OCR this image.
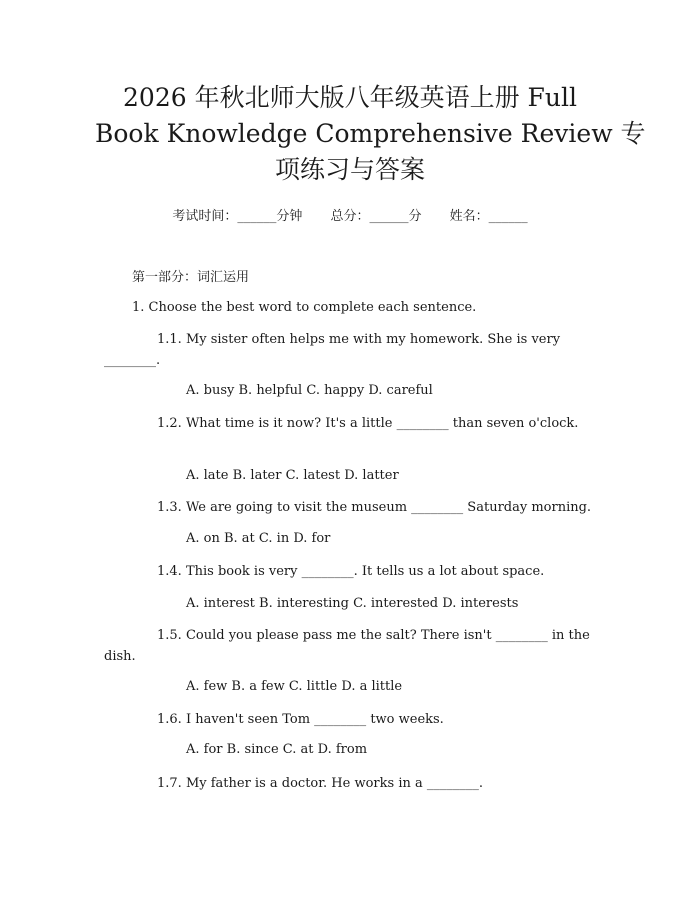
2026 年秋北师大版八年级英语上册 Full
Book Knowledge Comprehensive Review 专
项练习与答案
考试时间：______分钟 总分：______分 姓名：______
第一部分：词汇运用
1. Choose the best word to complete each sentence.
1.1. My sister often helps me with my homework. She is very ________.
A. busy B. helpful C. happy D. careful
1.2. What time is it now? It's a little ________ than seven o'clock.
A. late B. later C. latest D. latter
1.3. We are going to visit the museum ________ Saturday morning.
A. on B. at C. in D. for
1.4. This book is very ________. It tells us a lot about space.
A. interest B. interesting C. interested D. interests
1.5. Could you please pass me the salt? There isn't ________ in the dish.
A. few B. a few C. little D. a little
1.6. I haven't seen Tom ________ two weeks.
A. for B. since C. at D. from
1.7. My father is a doctor. He works in a ________.
